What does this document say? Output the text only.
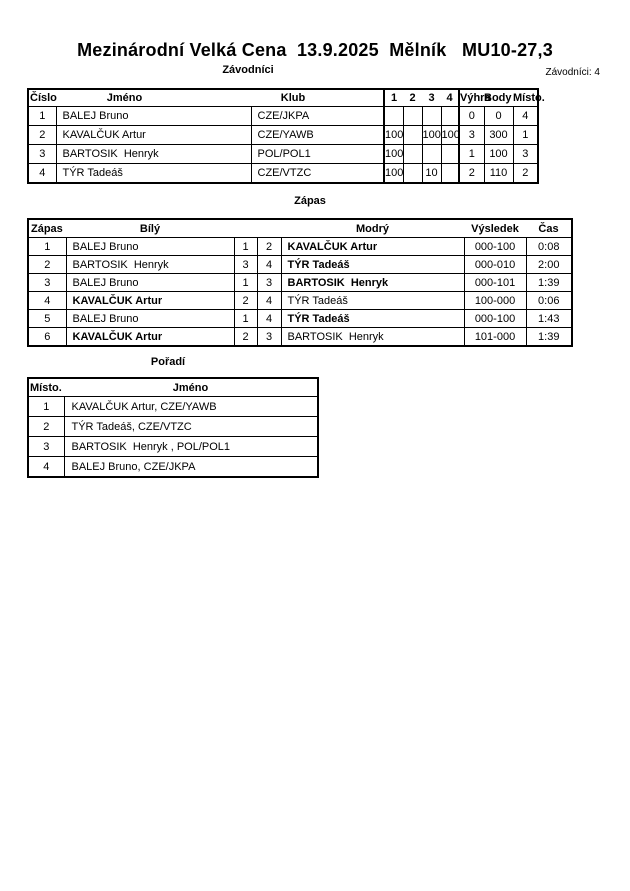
Mezinárodní Velká Cena  13.9.2025  Mělník   MU10-27,3
Závodníci	Závodníci: 4
Číslo	Jméno	Klub	1	2	3	4	Výhra	Body	Místo.
1	BALEJ Bruno	CZE/JKPA					0	0	4
2	KAVALČUK Artur	CZE/YAWB	100		100	100	3	300	1
3	BARTOSIK  Henryk	POL/POL1	100				1	100	3
4	TÝR Tadeáš	CZE/VTZC	100		10		2	110	2
Zápas
Zápas	Bílý			Modrý	Výsledek	Čas
1	BALEJ Bruno	1	2	KAVALČUK Artur	000-100	0:08
2	BARTOSIK  Henryk	3	4	TÝR Tadeáš	000-010	2:00
3	BALEJ Bruno	1	3	BARTOSIK  Henryk	000-101	1:39
4	KAVALČUK Artur	2	4	TÝR Tadeáš	100-000	0:06
5	BALEJ Bruno	1	4	TÝR Tadeáš	000-100	1:43
6	KAVALČUK Artur	2	3	BARTOSIK  Henryk	101-000	1:39
Pořadí
Místo.	Jméno
1	KAVALČUK Artur, CZE/YAWB
2	TÝR Tadeáš, CZE/VTZC
3	BARTOSIK  Henryk , POL/POL1
4	BALEJ Bruno, CZE/JKPA
